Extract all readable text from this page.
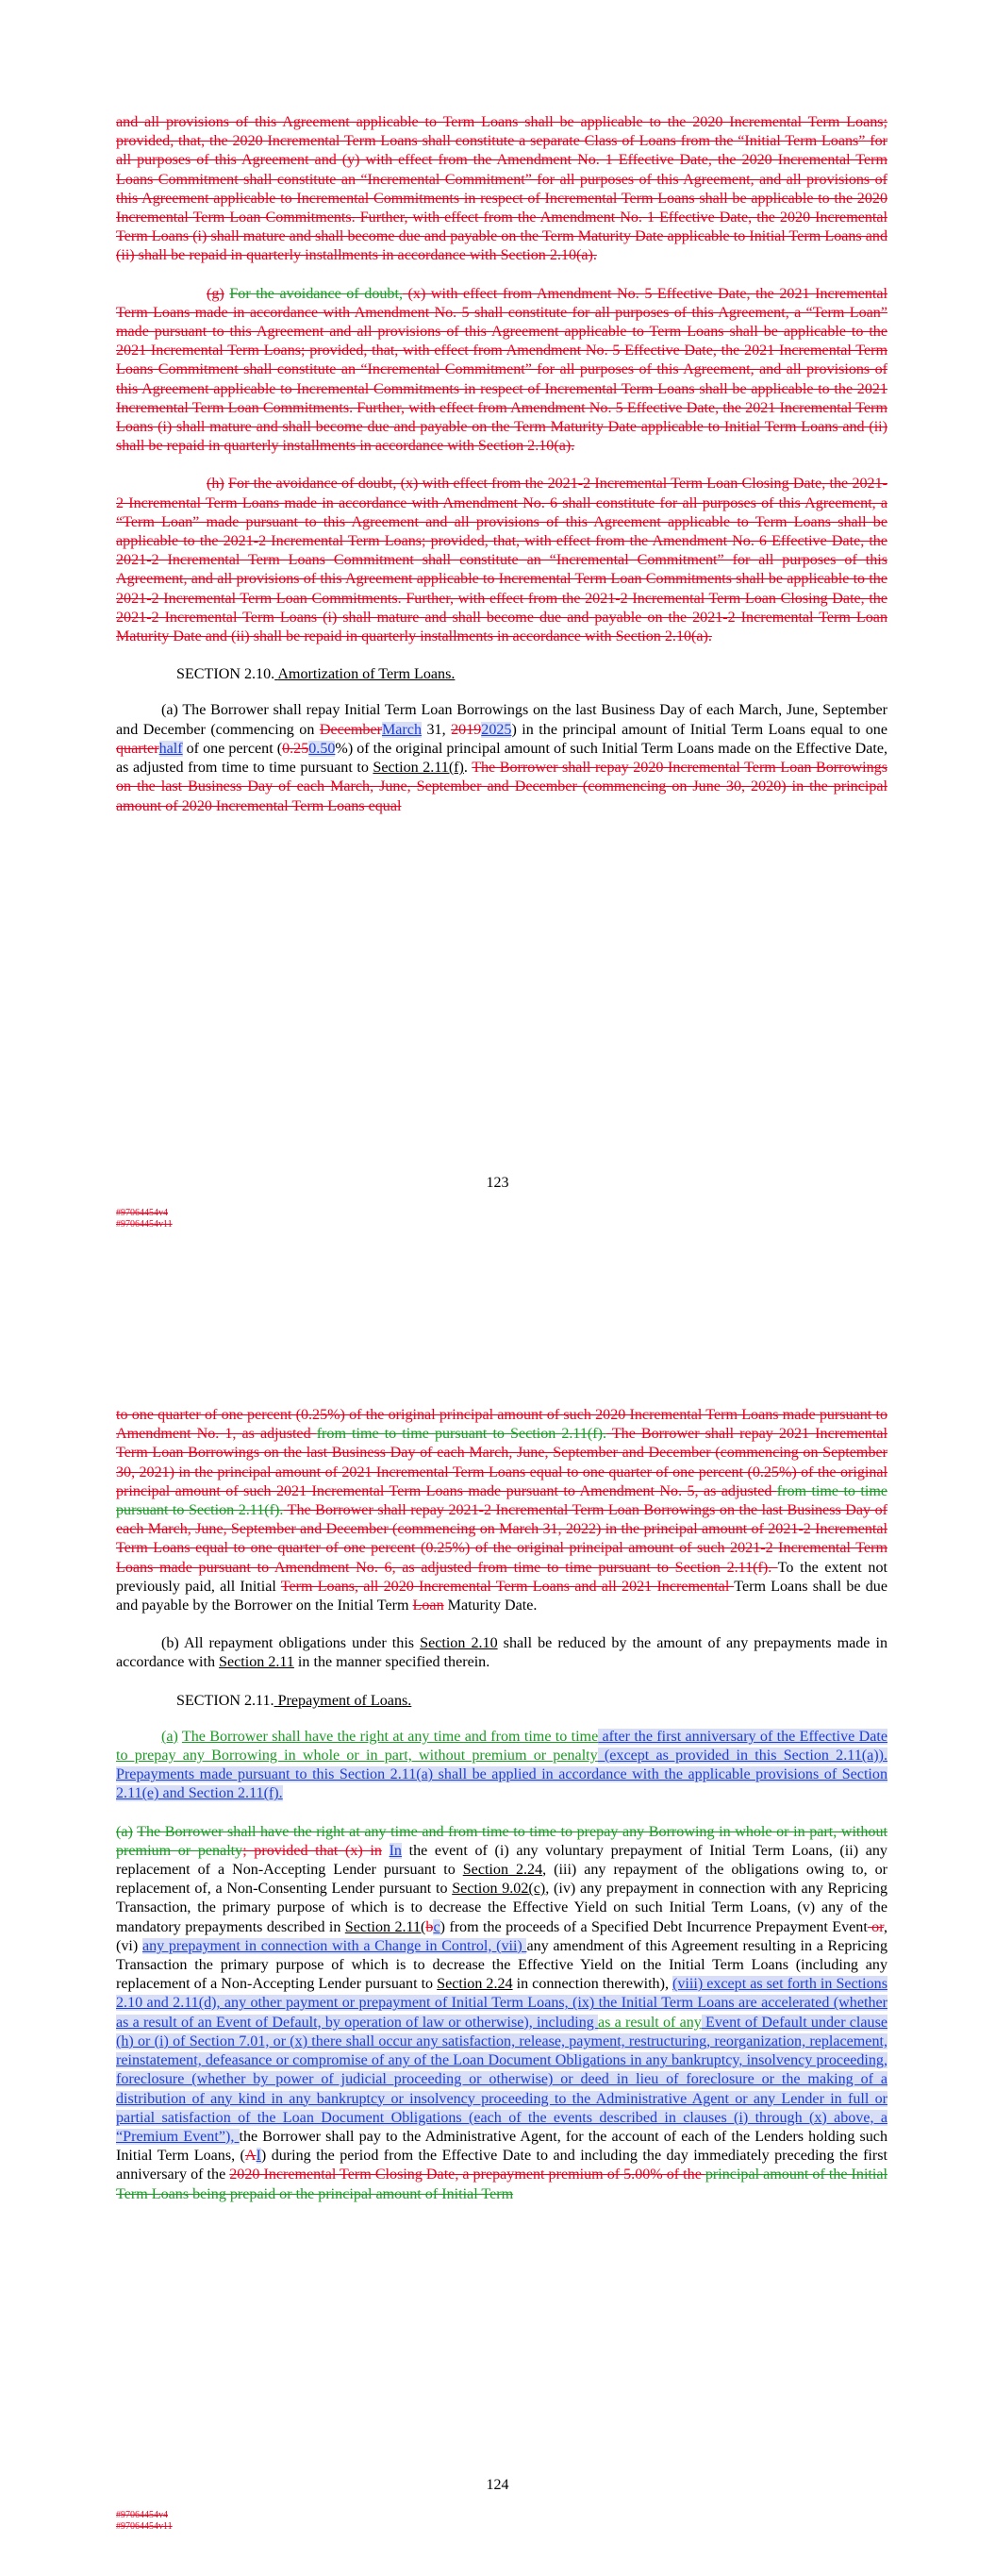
and all provisions of this Agreement applicable to Term Loans shall be applicable to the 2020 Incremental Term Loans; provided, that, the 2020 Incremental Term Loans shall constitute a separate Class of Loans from the “Initial Term Loans” for all purposes of this Agreement and (y) with effect from the Amendment No. 1 Effective Date, the 2020 Incremental Term Loans Commitment shall constitute an “Incremental Commitment” for all purposes of this Agreement, and all provisions of this Agreement applicable to Incremental Commitments in respect of Incremental Term Loans shall be applicable to the 2020 Incremental Term Loan Commitments. Further, with effect from the Amendment No. 1 Effective Date, the 2020 Incremental Term Loans (i) shall mature and shall become due and payable on the Term Maturity Date applicable to Initial Term Loans and (ii) shall be repaid in quarterly installments in accordance with Section 2.10(a).

(g) For the avoidance of doubt, (x) with effect from Amendment No. 5 Effective Date, the 2021 Incremental Term Loans made in accordance with Amendment No. 5 shall constitute for all purposes of this Agreement, a “Term Loan” made pursuant to this Agreement and all provisions of this Agreement applicable to Term Loans shall be applicable to the 2021 Incremental Term Loans; provided, that, with effect from Amendment No. 5 Effective Date, the 2021 Incremental Term Loans Commitment shall constitute an “Incremental Commitment” for all purposes of this Agreement, and all provisions of this Agreement applicable to Incremental Commitments in respect of Incremental Term Loans shall be applicable to the 2021 Incremental Term Loan Commitments. Further, with effect from Amendment No. 5 Effective Date, the 2021 Incremental Term Loans (i) shall mature and shall become due and payable on the Term Maturity Date applicable to Initial Term Loans and (ii) shall be repaid in quarterly installments in accordance with Section 2.10(a).

(h) For the avoidance of doubt, (x) with effect from the 2021-2 Incremental Term Loan Closing Date, the 2021-2 Incremental Term Loans made in accordance with Amendment No. 6 shall constitute for all purposes of this Agreement, a “Term Loan” made pursuant to this Agreement and all provisions of this Agreement applicable to Term Loans shall be applicable to the 2021-2 Incremental Term Loans; provided, that, with effect from the Amendment No. 6 Effective Date, the 2021-2 Incremental Term Loans Commitment shall constitute an “Incremental Commitment” for all purposes of this Agreement, and all provisions of this Agreement applicable to Incremental Term Loan Commitments shall be applicable to the 2021-2 Incremental Term Loan Commitments. Further, with effect from the 2021-2 Incremental Term Loan Closing Date, the 2021-2 Incremental Term Loans (i) shall mature and shall become due and payable on the 2021-2 Incremental Term Loan Maturity Date and (ii) shall be repaid in quarterly installments in accordance with Section 2.10(a).

SECTION 2.10. Amortization of Term Loans.

(a) The Borrower shall repay Initial Term Loan Borrowings on the last Business Day of each March, June, September and December (commencing on DecemberMarch 31, 20192025) in the principal amount of Initial Term Loans equal to one quarterhalf of one percent (0.250.50%) of the original principal amount of such Initial Term Loans made on the Effective Date, as adjusted from time to time pursuant to Section 2.11(f). The Borrower shall repay 2020 Incremental Term Loan Borrowings on the last Business Day of each March, June, September and December (commencing on June 30, 2020) in the principal amount of 2020 Incremental Term Loans equal

123
#97064454v4
#97064454v11

to one quarter of one percent (0.25%) of the original principal amount of such 2020 Incremental Term Loans made pursuant to Amendment No. 1, as adjusted from time to time pursuant to Section 2.11(f). The Borrower shall repay 2021 Incremental Term Loan Borrowings on the last Business Day of each March, June, September and December (commencing on September 30, 2021) in the principal amount of 2021 Incremental Term Loans equal to one quarter of one percent (0.25%) of the original principal amount of such 2021 Incremental Term Loans made pursuant to Amendment No. 5, as adjusted from time to time pursuant to Section 2.11(f). The Borrower shall repay 2021-2 Incremental Term Loan Borrowings on the last Business Day of each March, June, September and December (commencing on March 31, 2022) in the principal amount of 2021-2 Incremental Term Loans equal to one quarter of one percent (0.25%) of the original principal amount of such 2021-2 Incremental Term Loans made pursuant to Amendment No. 6, as adjusted from time to time pursuant to Section 2.11(f). To the extent not previously paid, all Initial Term Loans, all 2020 Incremental Term Loans and all 2021 Incremental Term Loans shall be due and payable by the Borrower on the Initial Term Loan Maturity Date.

(b) All repayment obligations under this Section 2.10 shall be reduced by the amount of any prepayments made in accordance with Section 2.11 in the manner specified therein.

SECTION 2.11. Prepayment of Loans.

(a) The Borrower shall have the right at any time and from time to time after the first anniversary of the Effective Date to prepay any Borrowing in whole or in part, without premium or penalty (except as provided in this Section 2.11(a)). Prepayments made pursuant to this Section 2.11(a) shall be applied in accordance with the applicable provisions of Section 2.11(e) and Section 2.11(f).

(a) The Borrower shall have the right at any time and from time to time to prepay any Borrowing in whole or in part, without premium or penalty; provided that (x) in In the event of (i) any voluntary prepayment of Initial Term Loans, (ii) any replacement of a Non-Accepting Lender pursuant to Section 2.24, (iii) any repayment of the obligations owing to, or replacement of, a Non-Consenting Lender pursuant to Section 9.02(c), (iv) any prepayment in connection with any Repricing Transaction, the primary purpose of which is to decrease the Effective Yield on such Initial Term Loans, (v) any of the mandatory prepayments described in Section 2.11(bc) from the proceeds of a Specified Debt Incurrence Prepayment Event or, (vi) any prepayment in connection with a Change in Control, (vii) any amendment of this Agreement resulting in a Repricing Transaction the primary purpose of which is to decrease the Effective Yield on the Initial Term Loans (including any replacement of a Non-Accepting Lender pursuant to Section 2.24 in connection therewith), (viii) except as set forth in Sections 2.10 and 2.11(d), any other payment or prepayment of Initial Term Loans, (ix) the Initial Term Loans are accelerated (whether as a result of an Event of Default, by operation of law or otherwise), including as a result of any Event of Default under clause (h) or (i) of Section 7.01, or (x) there shall occur any satisfaction, release, payment, restructuring, reorganization, replacement, reinstatement, defeasance or compromise of any of the Loan Document Obligations in any bankruptcy, insolvency proceeding, foreclosure (whether by power of judicial proceeding or otherwise) or deed in lieu of foreclosure or the making of a distribution of any kind in any bankruptcy or insolvency proceeding to the Administrative Agent or any Lender in full or partial satisfaction of the Loan Document Obligations (each of the events described in clauses (i) through (x) above, a “Premium Event”), the Borrower shall pay to the Administrative Agent, for the account of each of the Lenders holding such Initial Term Loans, (AI) during the period from the Effective Date to and including the day immediately preceding the first anniversary of the 2020 Incremental Term Closing Date, a prepayment premium of 5.00% of the principal amount of the Initial Term Loans being prepaid or the principal amount of Initial Term

124
#97064454v4
#97064454v11
